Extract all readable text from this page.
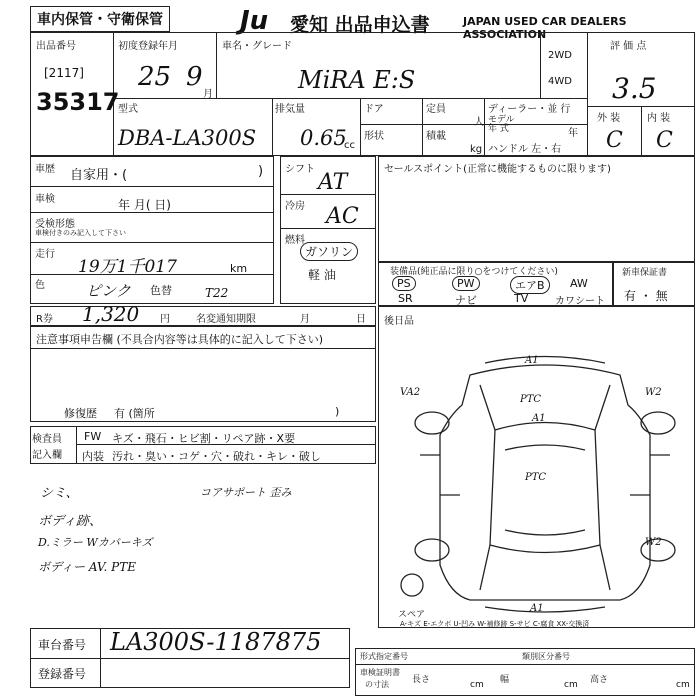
車内保管・守衛保管	Ju 愛知 出品申込書	JAPAN USED CAR DEALERS ASSOCIATION
出品番号
[2117]
35317
初度登録年月
25 9
月
車名・グレード
MiRA E:S
2WD
4WD
評 価 点
3.5
外 装	内 装
C C
型式
DBA-LA300S
排気量
0.65
cc
ドア
形状
定員
人
積載
kg
ディーラー・並 行
モデル
年 式	年
ハンドル 左・右
車歴 自家用・(	)
車検	年 月( 日)
受検形態
車検付きのみ記入して下さい
走行
19万1千017	km
色	ピンク 色替	T22
シフト
AT
冷房 AC
燃料
ガソリン
軽 油
セールスポイント(正常に機能するものに限ります)
装備品(純正品に限り○をつけてください)
PS	PW	エアB	AW
SR	ナビ	TV	カワシート
新車保証書
有 ・ 無
R券 1,320 円	名変通知期限	月	日 後日品
注意事項申告欄 (不具合内容等は具体的に記入して下さい)
修復歴 有 (箇所	)
検査員
記入欄
FW キズ・飛石・ヒビ割・リペア跡・X要
内装 汚れ・臭い・コゲ・穴・破れ・キレ・破し
シミ、	コアサポート 歪み
ボディ跡、
D.ミラー Wカバーキズ
ボディー AV. PTE
A1
VA2	W2
PTC
A1
PTC
W2
A1
スペア
A-キズ E-エクボ U-凹み W-補修跡 S-サビ C-腐食 XX-交換済
車台番号 LA300S-1187875
登録番号
形式指定番号	類別区分番号
車検証明書
の寸法	長さ	cm 幅	cm 高さ	cm
